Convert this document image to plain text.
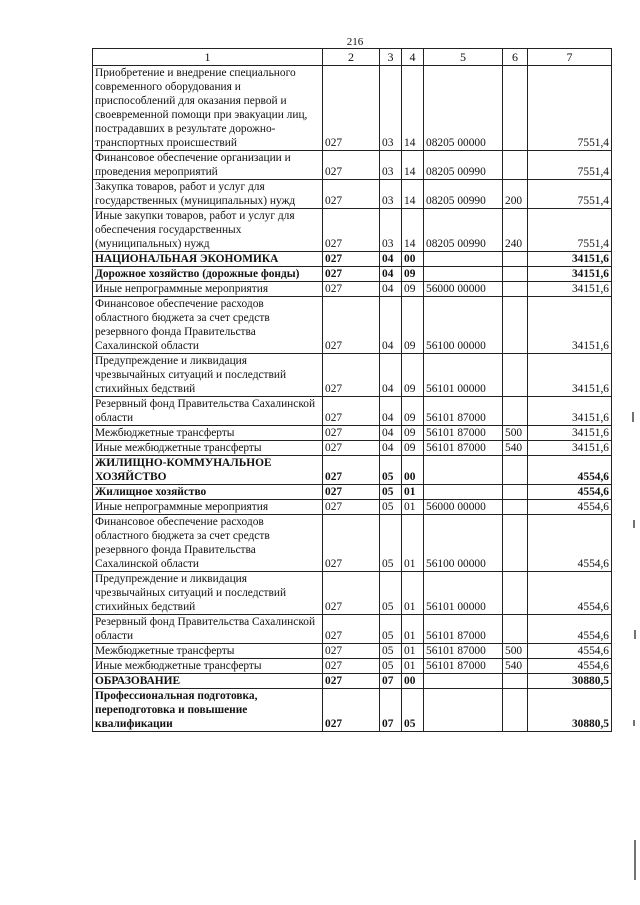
216
1	2	3	4	5	6	7
Приобретение и внедрение специального современного оборудования и приспособлений для оказания первой и своевременной помощи при эвакуации лиц, пострадавших в результате дорожно-транспортных происшествий	027	03	14	08205 00000		7551,4
Финансовое обеспечение организации и проведения мероприятий	027	03	14	08205 00990		7551,4
Закупка товаров, работ и услуг для государственных (муниципальных) нужд	027	03	14	08205 00990	200	7551,4
Иные закупки товаров, работ и услуг для обеспечения государственных (муниципальных) нужд	027	03	14	08205 00990	240	7551,4
НАЦИОНАЛЬНАЯ ЭКОНОМИКА	027	04	00			34151,6
Дорожное хозяйство (дорожные фонды)	027	04	09			34151,6
Иные непрограммные мероприятия	027	04	09	56000 00000		34151,6
Финансовое обеспечение расходов областного бюджета за счет средств резервного фонда Правительства Сахалинской области	027	04	09	56100 00000		34151,6
Предупреждение и ликвидация чрезвычайных ситуаций и последствий стихийных бедствий	027	04	09	56101 00000		34151,6
Резервный фонд Правительства Сахалинской области	027	04	09	56101 87000		34151,6
Межбюджетные трансферты	027	04	09	56101 87000	500	34151,6
Иные межбюджетные трансферты	027	04	09	56101 87000	540	34151,6
ЖИЛИЩНО-КОММУНАЛЬНОЕ ХОЗЯЙСТВО	027	05	00			4554,6
Жилищное хозяйство	027	05	01			4554,6
Иные непрограммные мероприятия	027	05	01	56000 00000		4554,6
Финансовое обеспечение расходов областного бюджета за счет средств резервного фонда Правительства Сахалинской области	027	05	01	56100 00000		4554,6
Предупреждение и ликвидация чрезвычайных ситуаций и последствий стихийных бедствий	027	05	01	56101 00000		4554,6
Резервный фонд Правительства Сахалинской области	027	05	01	56101 87000		4554,6
Межбюджетные трансферты	027	05	01	56101 87000	500	4554,6
Иные межбюджетные трансферты	027	05	01	56101 87000	540	4554,6
ОБРАЗОВАНИЕ	027	07	00			30880,5
Профессиональная подготовка, переподготовка и повышение квалификации	027	07	05			30880,5
